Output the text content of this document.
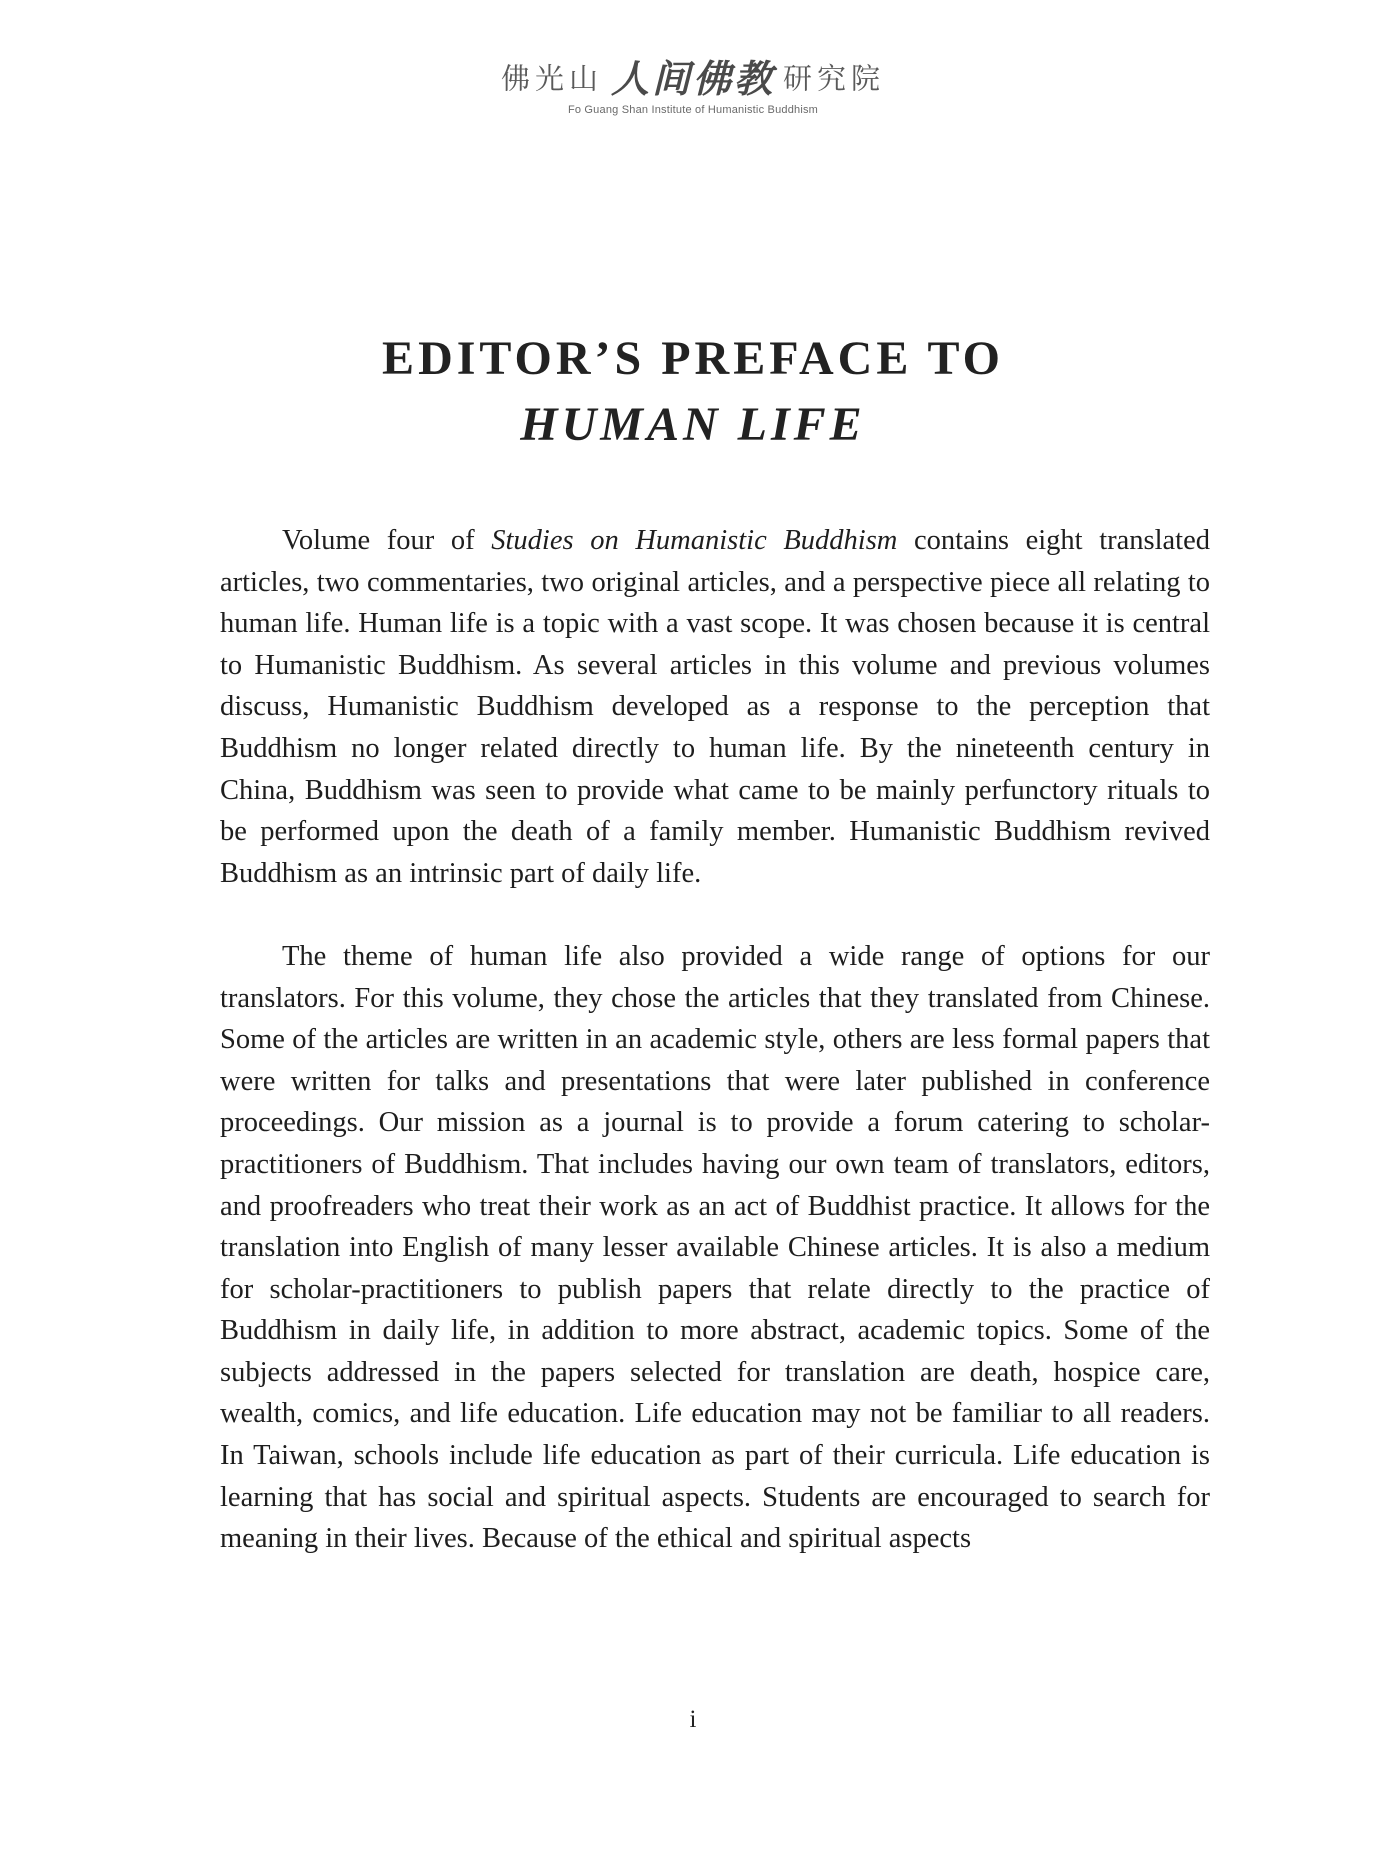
佛光山 人间佛教 研究院
Fo Guang Shan Institute of Humanistic Buddhism
EDITOR’S PREFACE TO
HUMAN LIFE

Volume four of Studies on Humanistic Buddhism contains eight translated articles, two commentaries, two original articles, and a perspective piece all relating to human life. Human life is a topic with a vast scope. It was chosen because it is central to Humanistic Buddhism. As several articles in this volume and previous volumes discuss, Humanistic Buddhism developed as a response to the perception that Buddhism no longer related directly to human life. By the nineteenth century in China, Buddhism was seen to provide what came to be mainly perfunctory rituals to be performed upon the death of a family member. Humanistic Buddhism revived Buddhism as an intrinsic part of daily life.

The theme of human life also provided a wide range of options for our translators. For this volume, they chose the articles that they translated from Chinese. Some of the articles are written in an academic style, others are less formal papers that were written for talks and presentations that were later published in conference proceedings. Our mission as a journal is to provide a forum catering to scholar-practitioners of Buddhism. That includes having our own team of translators, editors, and proofreaders who treat their work as an act of Buddhist practice. It allows for the translation into English of many lesser available Chinese articles. It is also a medium for scholar-practitioners to publish papers that relate directly to the practice of Buddhism in daily life, in addition to more abstract, academic topics. Some of the subjects addressed in the papers selected for translation are death, hospice care, wealth, comics, and life education. Life education may not be familiar to all readers. In Taiwan, schools include life education as part of their curricula. Life education is learning that has social and spiritual aspects. Students are encouraged to search for meaning in their lives. Because of the ethical and spiritual aspects

i
